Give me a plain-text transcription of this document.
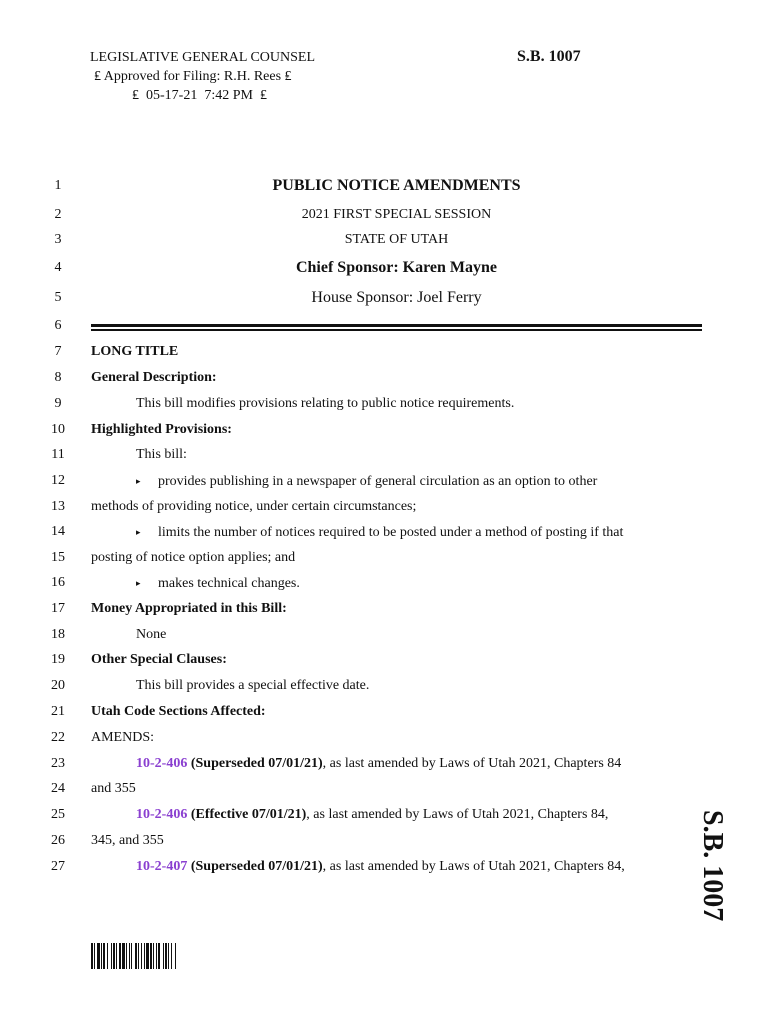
LEGISLATIVE GENERAL COUNSEL
₤ Approved for Filing: R.H. Rees ₤
₤  05-17-21  7:42 PM  ₤
S.B. 1007
1	PUBLIC NOTICE AMENDMENTS
2	2021 FIRST SPECIAL SESSION
3	STATE OF UTAH
4	Chief Sponsor: Karen Mayne
5	House Sponsor: Joel Ferry
6
7	LONG TITLE
8	General Description:
9	This bill modifies provisions relating to public notice requirements.
10 Highlighted Provisions:
11	This bill:
12	▸ provides publishing in a newspaper of general circulation as an option to other
13 methods of providing notice, under certain circumstances;
14	▸ limits the number of notices required to be posted under a method of posting if that
15 posting of notice option applies; and
16	▸ makes technical changes.
17 Money Appropriated in this Bill:
18	None
19 Other Special Clauses:
20	This bill provides a special effective date.
21 Utah Code Sections Affected:
22 AMENDS:
23	10-2-406 (Superseded 07/01/21), as last amended by Laws of Utah 2021, Chapters 84
24 and 355
25	10-2-406 (Effective 07/01/21), as last amended by Laws of Utah 2021, Chapters 84,
26 345, and 355
27	10-2-407 (Superseded 07/01/21), as last amended by Laws of Utah 2021, Chapters 84,	S.B. 1007
